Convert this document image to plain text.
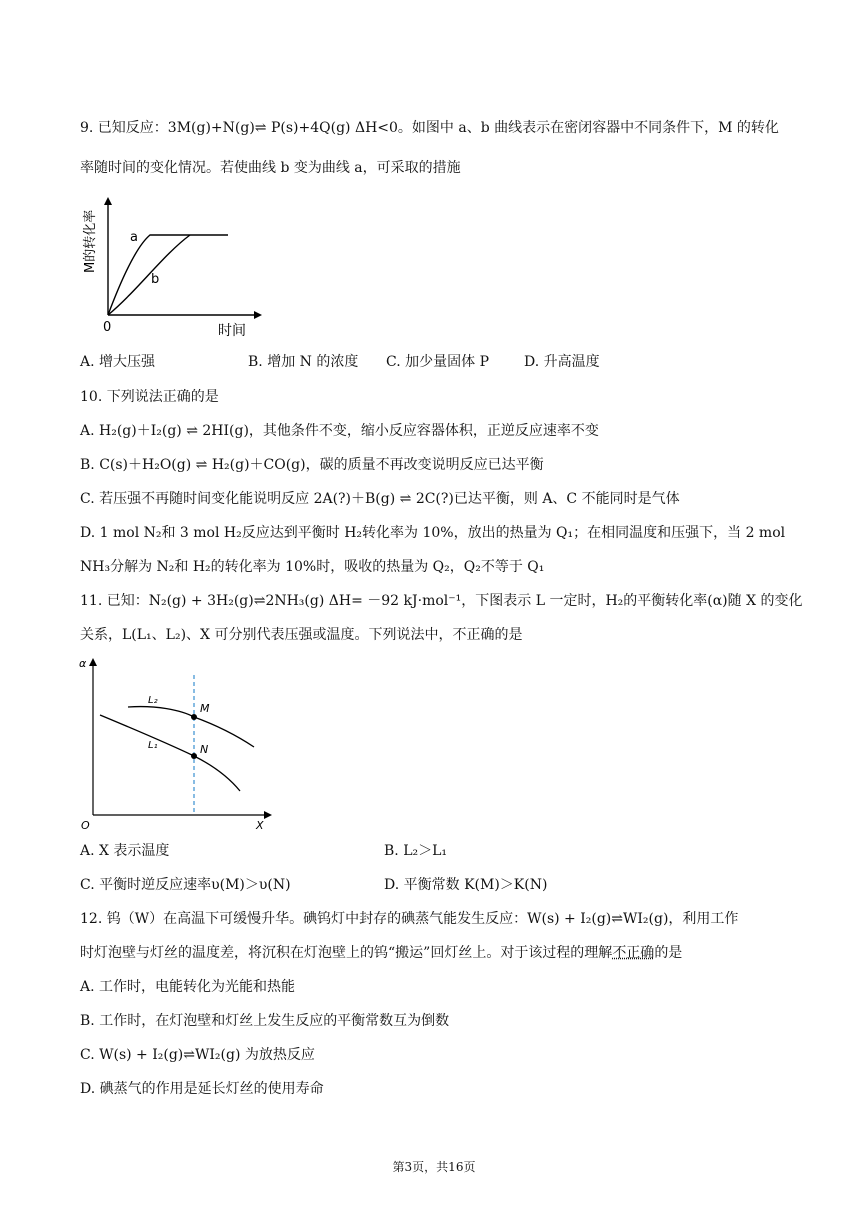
9. 已知反应：3M(g)+N(g)⇌ P(s)+4Q(g) ΔH<0。如图中 a、b 曲线表示在密闭容器中不同条件下，M 的转化
率随时间的变化情况。若使曲线 b 变为曲线 a，可采取的措施
a
b
0	时间
M的转化率
A. 增大压强	B. 增加 N 的浓度 C. 加少量固体 P	D. 升高温度
10. 下列说法正确的是
A. H₂(g)＋I₂(g) ⇌ 2HI(g)，其他条件不变，缩小反应容器体积，正逆反应速率不变
B. C(s)＋H₂O(g) ⇌ H₂(g)＋CO(g)，碳的质量不再改变说明反应已达平衡
C. 若压强不再随时间变化能说明反应 2A(?)＋B(g) ⇌ 2C(?)已达平衡，则 A、C 不能同时是气体
D. 1 mol N₂和 3 mol H₂反应达到平衡时 H₂转化率为 10%，放出的热量为 Q₁；在相同温度和压强下，当 2 mol
NH₃分解为 N₂和 H₂的转化率为 10%时，吸收的热量为 Q₂，Q₂不等于 Q₁
11. 已知：N₂(g) + 3H₂(g)⇌2NH₃(g) ΔH= －92 kJ·mol⁻¹，下图表示 L 一定时，H₂的平衡转化率(α)随 X 的变化
关系，L(L₁、L₂)、X 可分别代表压强或温度。下列说法中，不正确的是
L₂
L₁
M
N
α
O	X
A. X 表示温度	B. L₂＞L₁
C. 平衡时逆反应速率υ(M)＞υ(N)	D. 平衡常数 K(M)＞K(N)
12. 钨（W）在高温下可缓慢升华。碘钨灯中封存的碘蒸气能发生反应：W(s) + I₂(g)⇌WI₂(g)，利用工作
时灯泡壁与灯丝的温度差，将沉积在灯泡壁上的钨“搬运”回灯丝上。对于该过程的理解不正确的是
A. 工作时，电能转化为光能和热能
B. 工作时，在灯泡壁和灯丝上发生反应的平衡常数互为倒数
C. W(s) + I₂(g)⇌WI₂(g) 为放热反应
D. 碘蒸气的作用是延长灯丝的使用寿命
第3页，共16页
